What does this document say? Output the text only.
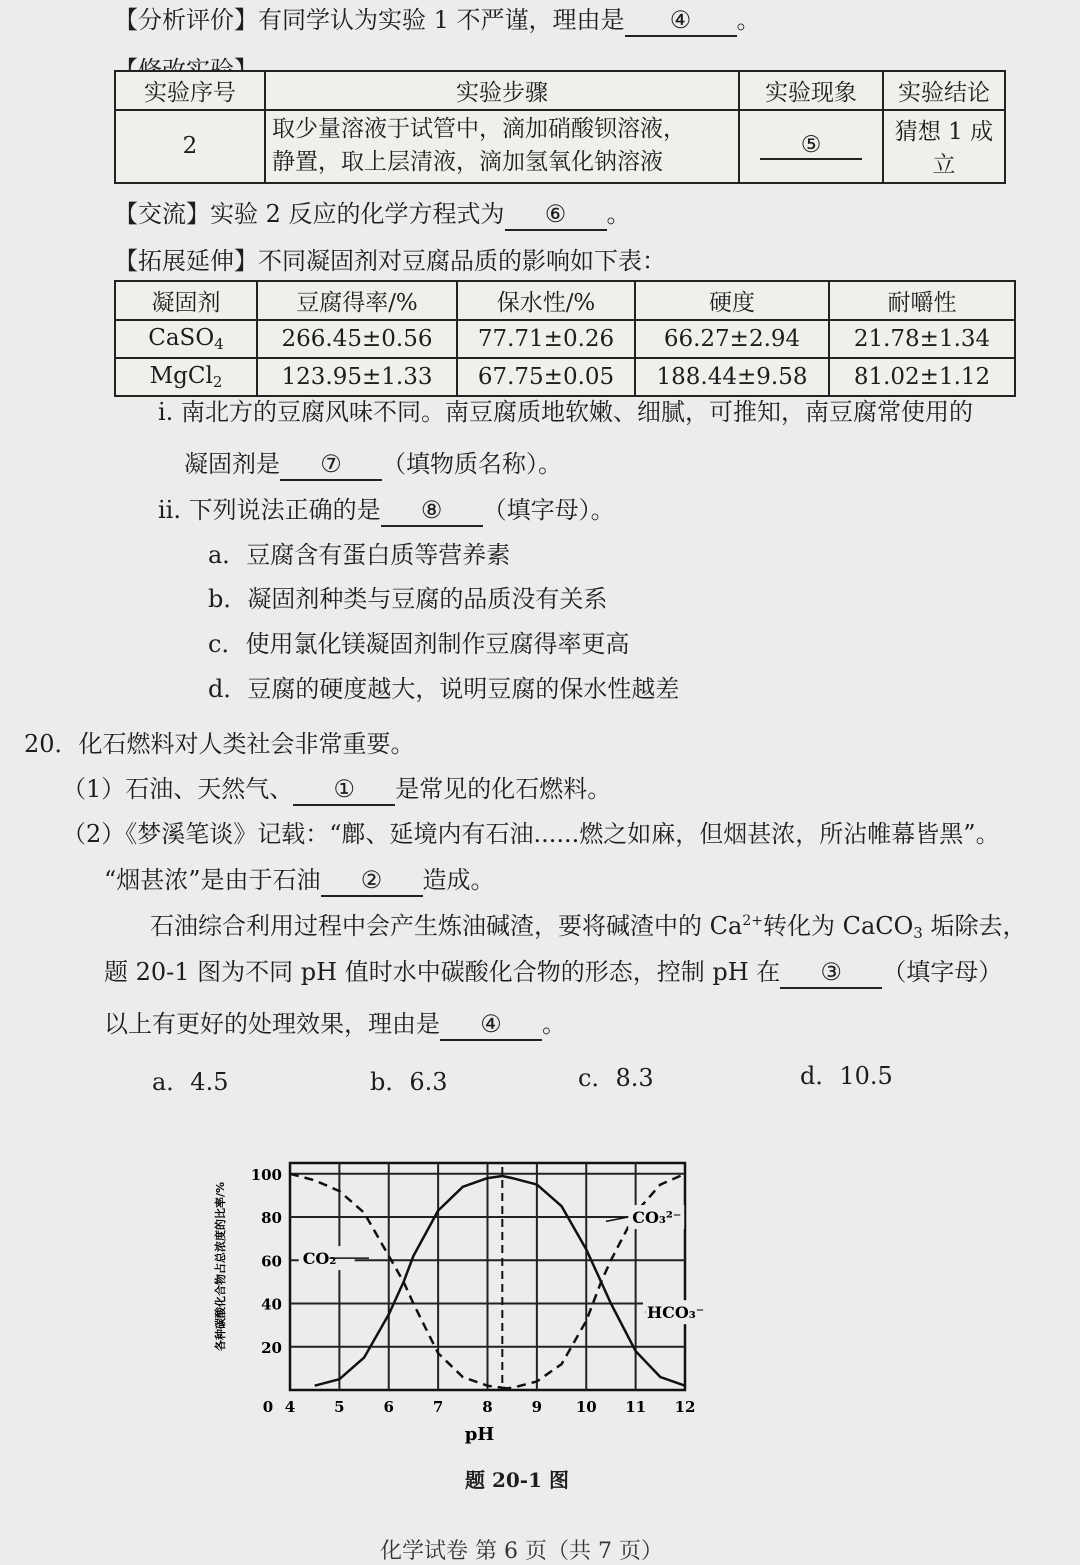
【分析评价】有同学认为实验 1 不严谨，理由是 ④ 。
实验序号	实验步骤	实验现象	实验结论
2	取少量溶液于试管中，滴加硝酸钡溶液，
静置，取上层清液，滴加氢氧化钠溶液	⑤	猜想 1 成立
【交流】实验 2 反应的化学方程式为 ⑥ 。
【拓展延伸】不同凝固剂对豆腐品质的影响如下表：
凝固剂	豆腐得率/%	保水性/%	硬度	耐嚼性
CaSO$_4$	266.45±0.56	77.71±0.26	66.27±2.94	21.78±1.34
MgCl$_2$	123.95±1.33	67.75±0.05	188.44±9.58	81.02±1.12
i. 南北方的豆腐风味不同。南豆腐质地软嫩、细腻，可推知，南豆腐常使用的
凝固剂是 ⑦ （填物质名称）。
ii. 下列说法正确的是 ⑧ （填字母）。
a．豆腐含有蛋白质等营养素
b．凝固剂种类与豆腐的品质没有关系
c．使用氯化镁凝固剂制作豆腐得率更高
d．豆腐的硬度越大，说明豆腐的保水性越差
20．化石燃料对人类社会非常重要。
（1）石油、天然气、 ① 是常见的化石燃料。
（2）《梦溪笔谈》记载：“鄜、延境内有石油......燃之如麻，但烟甚浓，所沾帷幕皆黑”。
“烟甚浓”是由于石油 ② 造成。
石油综合利用过程中会产生炼油碱渣，要将碱渣中的 $Ca^{2+}$转化为 CaCO$_3$ 垢除去，
题 20-1 图为不同 pH 值时水中碳酸化合物的形态，控制 pH 在 ③ （填字母）
以上有更好的处理效果，理由是 ④ 。
a．4.5	b．6.3	c．8.3	d．10.5
20
40
60
80
100
0 4	5	6	7	8	9 10 11 12
pH
各种碳酸化合物占总浓度的比率/%	CO₂
HCO₃⁻
CO₃²⁻
题 20-1 图
化学试卷 第 6 页（共 7 页）
